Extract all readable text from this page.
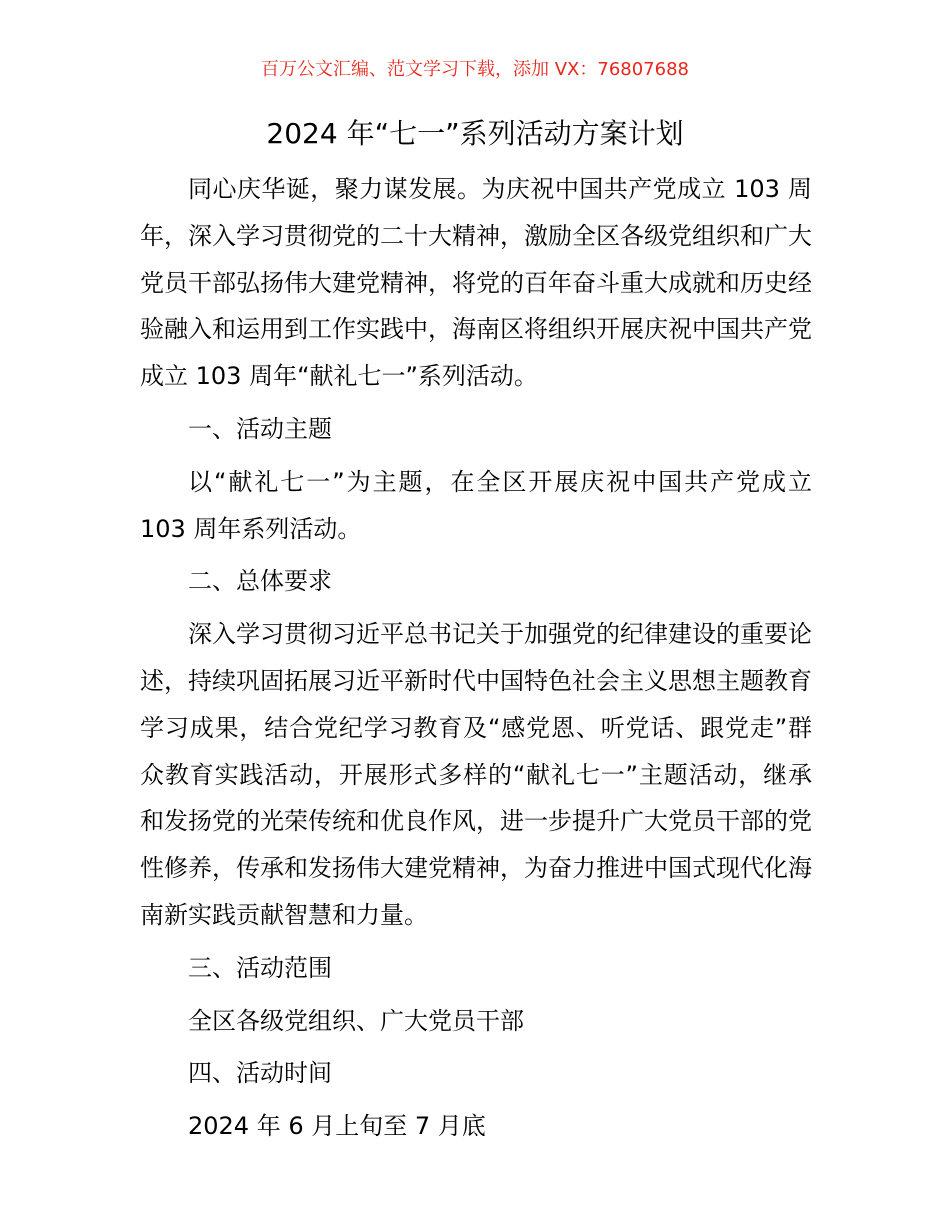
百万公文汇编、范文学习下载，添加 VX：76807688
2024 年“七一”系列活动方案计划

同心庆华诞，聚力谋发展。为庆祝中国共产党成立 103 周年，深入学习贯彻党的二十大精神，激励全区各级党组织和广大党员干部弘扬伟大建党精神，将党的百年奋斗重大成就和历史经验融入和运用到工作实践中，海南区将组织开展庆祝中国共产党成立 103 周年“献礼七一”系列活动。

一、活动主题

以“献礼七一”为主题，在全区开展庆祝中国共产党成立 103 周年系列活动。

二、总体要求

深入学习贯彻习近平总书记关于加强党的纪律建设的重要论述，持续巩固拓展习近平新时代中国特色社会主义思想主题教育学习成果，结合党纪学习教育及“感党恩、听党话、跟党走”群众教育实践活动，开展形式多样的“献礼七一”主题活动，继承和发扬党的光荣传统和优良作风，进一步提升广大党员干部的党性修养，传承和发扬伟大建党精神，为奋力推进中国式现代化海南新实践贡献智慧和力量。

三、活动范围

全区各级党组织、广大党员干部

四、活动时间

2024 年 6 月上旬至 7 月底
